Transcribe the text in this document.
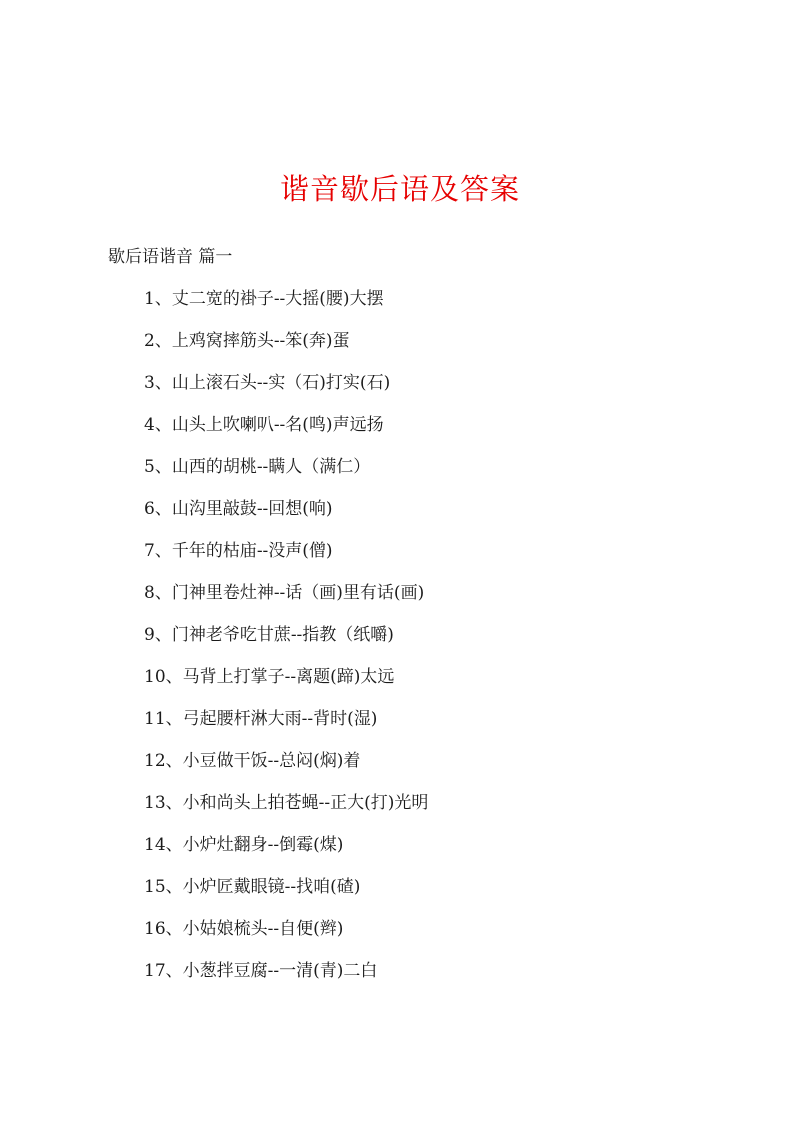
谐音歇后语及答案

歇后语谐音 篇一

1、丈二宽的褂子--大摇(腰)大摆
2、上鸡窝摔筋头--笨(奔)蛋
3、山上滚石头--实（石)打实(石)
4、山头上吹喇叭--名(鸣)声远扬
5、山西的胡桃--瞒人（满仁）
6、山沟里敲鼓--回想(响)
7、千年的枯庙--没声(僧)
8、门神里卷灶神--话（画)里有话(画)
9、门神老爷吃甘蔗--指教（纸嚼)
10、马背上打掌子--离题(蹄)太远
11、弓起腰杆淋大雨--背时(湿)
12、小豆做干饭--总闷(焖)着
13、小和尚头上拍苍蝇--正大(打)光明
14、小炉灶翻身--倒霉(煤)
15、小炉匠戴眼镜--找咱(碴)
16、小姑娘梳头--自便(辫)
17、小葱拌豆腐--一清(青)二白
